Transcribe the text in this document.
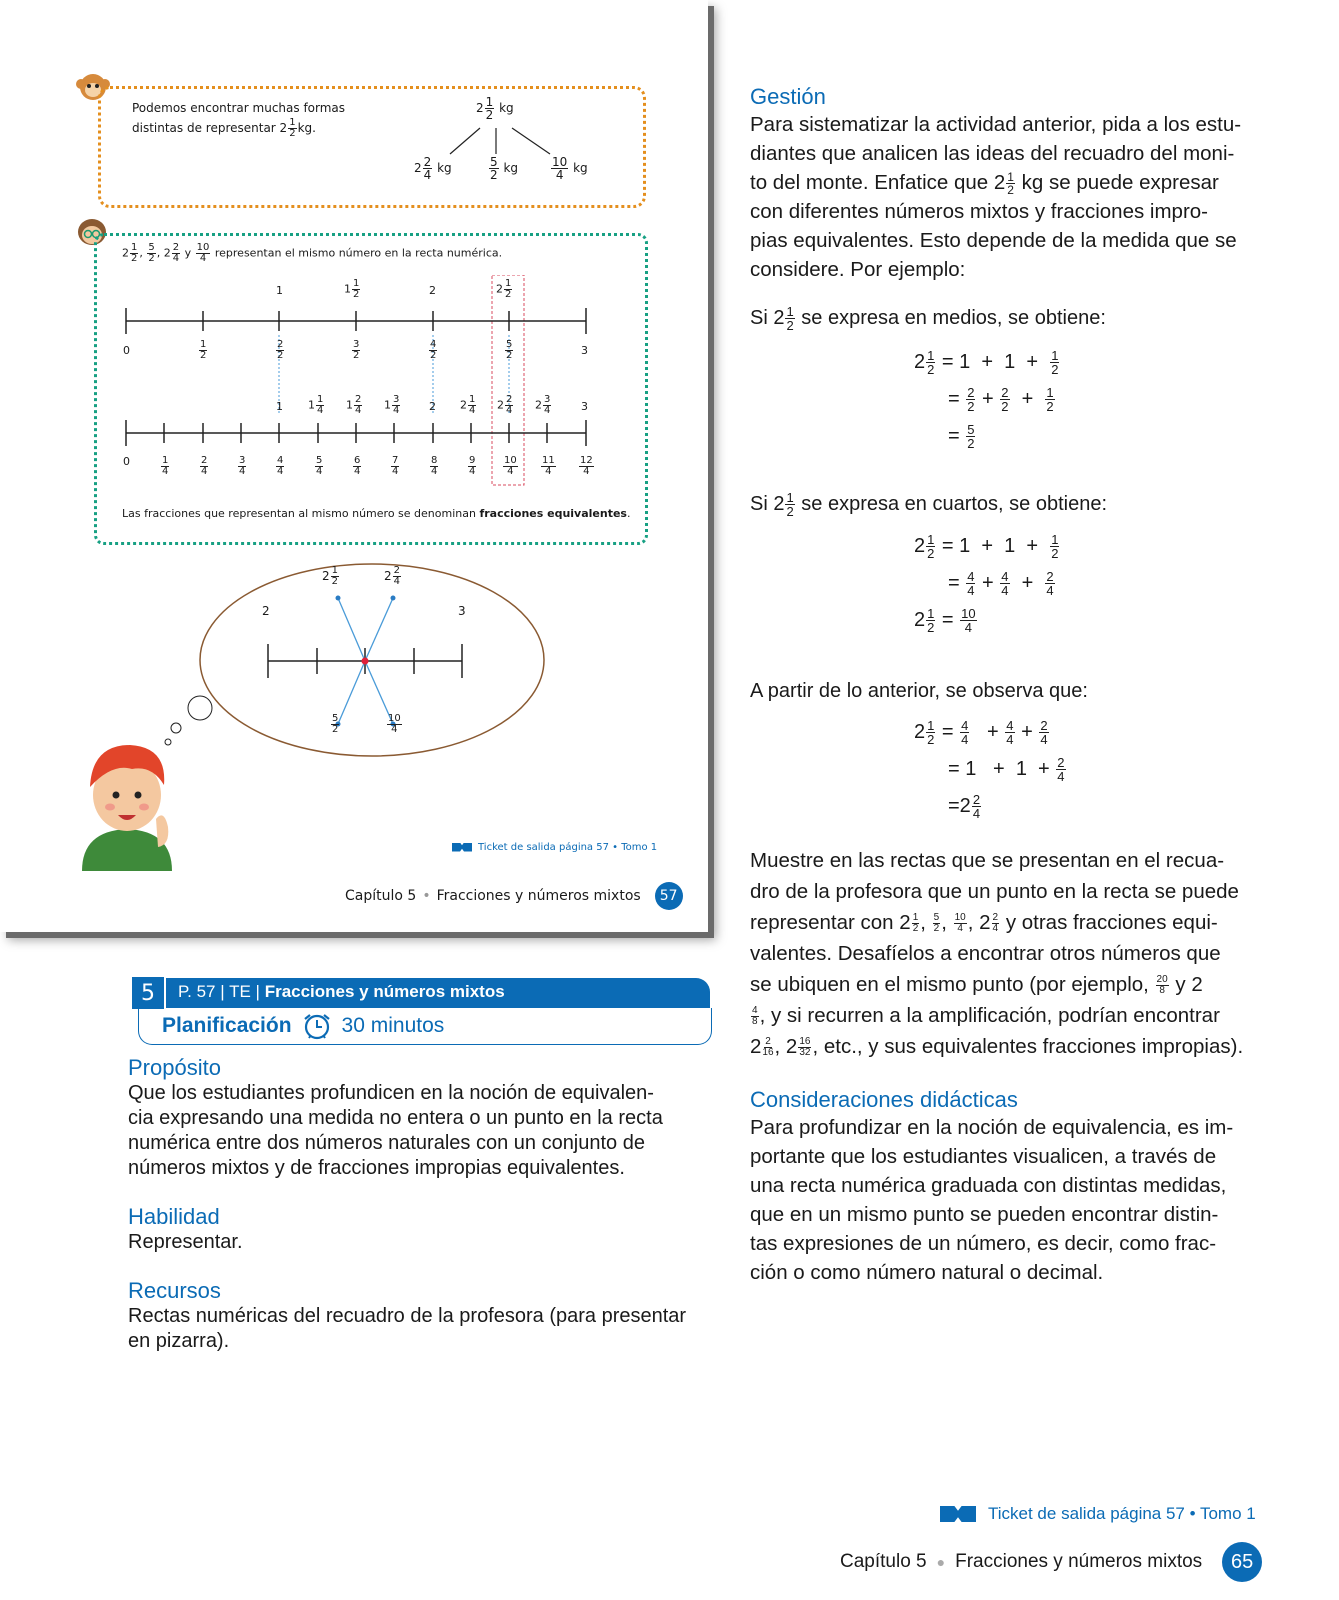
Podemos encontrar muchas formas
distintas de representar $2 \frac{1}{2}$ kg.
$2 \frac{1}{2}$ kg
$2 \frac{2}{4}$ kg	$\frac{5}{2}$ kg	$\frac{10}{4}$ kg
$2 \frac{1}{2}$ , $\frac{5}{2}$ , $2 \frac{2}{4}$ y $\frac{10}{4}$ representan el mismo número en la recta numérica.
1	$1 \frac{1}{2}$	2	$2 \frac{1}{2}$
0	$\frac{1}{2}$	$\frac{2}{2}$	$\frac{3}{2}$	$\frac{4}{2}$	$\frac{5}{2}$	3
1 $1 \frac{1}{4} 1 \frac{2}{4} 1 \frac{3}{4}$	2 $2 \frac{1}{4} 2 \frac{2}{4} 2 \frac{3}{4}$	3
0	$\frac{1}{4}$	$\frac{2}{4}$	$\frac{3}{4}$	$\frac{4}{4}$	$\frac{5}{4}$	$\frac{6}{4}$	$\frac{7}{4}$	$\frac{8}{4}$	$\frac{9}{4}$	$\frac{10}{4} \frac{11}{4} \frac{12}{4}$
Las fracciones que representan al mismo número se denominan fracciones equivalentes.
$2 \frac{1}{2}$	$2 \frac{2}{4}$
2	3
$\frac{5}{2}$	$\frac{10}{4}$
Ticket de salida página 57 • Tomo 1
Capítulo 5 • Fracciones y números mixtos	57
5	P. 57 | TE | Fracciones y números mixtos
Planificación 30 minutos
Propósito
Que los estudiantes profundicen en la noción de equivalen-
cia expresando una medida no entera o un punto en la recta
numérica entre dos números naturales con un conjunto de
números mixtos y de fracciones impropias equivalentes.
Habilidad
Representar.
Recursos
Rectas numéricas del recuadro de la profesora (para presentar
en pizarra).
Gestión
Para sistematizar la actividad anterior, pida a los estu-
diantes que analicen las ideas del recuadro del moni-
to del monte. Enfatice que $2 \frac{1}{2}$ kg se puede expresar
con diferentes números mixtos y fracciones impro-
pias equivalentes. Esto depende de la medida que se
considere. Por ejemplo:
Si $2 \frac{1}{2}$ se expresa en medios, se obtiene:
$2 \frac{1}{2} = 1 + 1 + \frac{1}{2}$
= $\frac{2}{2} + \frac{2}{2} + \frac{1}{2}$
= $\frac{5}{2}$
Si $2 \frac{1}{2}$ se expresa en cuartos, se obtiene:
$2 \frac{1}{2} = 1 + 1 + \frac{1}{2}$
= $\frac{4}{4} + \frac{4}{4} + \frac{2}{4}$
$2 \frac{1}{2} = \frac{10}{4}$
A partir de lo anterior, se observa que:
$2 \frac{1}{2} = \frac{4}{4} + \frac{4}{4} + \frac{2}{4}$
= $1 + 1 + \frac{2}{4}$
$=2 \frac{2}{4}$
Muestre en las rectas que se presentan en el recua-
dro de la profesora que un punto en la recta se puede
representar con $2 \frac{1}{2}$ , $\frac{5}{2}$ , $\frac{10}{4}$ , $2 \frac{2}{4}$ y otras fracciones equi-
valentes. Desafíelos a encontrar otros números que
se ubiquen en el mismo punto (por ejemplo, $\frac{20}{8}$ y 2
$\frac{4}{8}$ , y si recurren a la amplificación, podrían encontrar
$2 \frac{2}{16}$ , $2 \frac{16}{32}$ , etc., y sus equivalentes fracciones impropias).
Consideraciones didácticas
Para profundizar en la noción de equivalencia, es im-
portante que los estudiantes visualicen, a través de
una recta numérica graduada con distintas medidas,
que en un mismo punto se pueden encontrar distin-
tas expresiones de un número, es decir, como frac-
ción o como número natural o decimal.
Ticket de salida página 57 • Tomo 1
Capítulo 5 ● Fracciones y números mixtos	65
